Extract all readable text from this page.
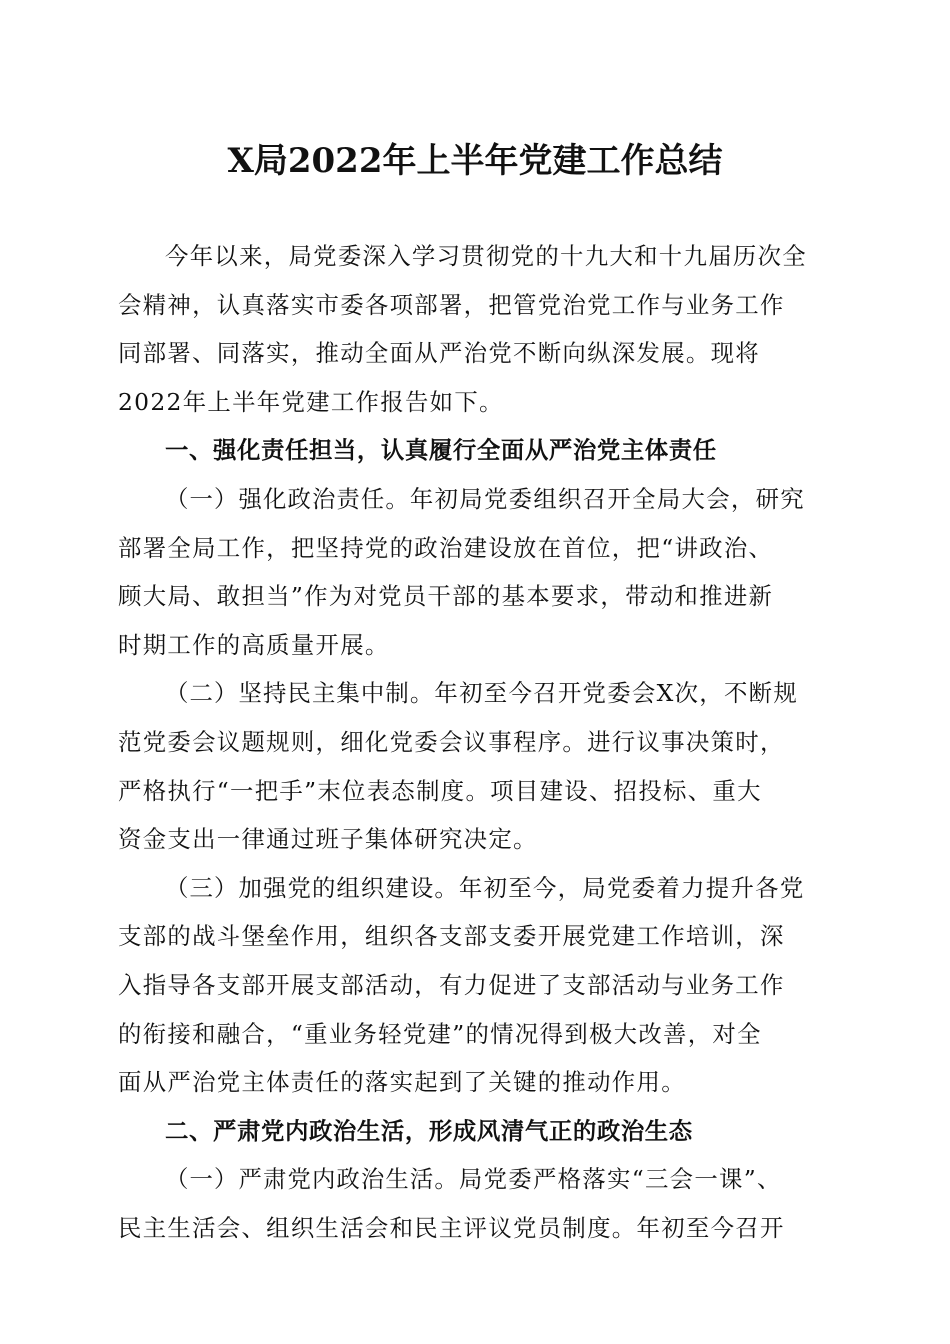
X局2022年上半年党建工作总结
今年以来，局党委深入学习贯彻党的十九大和十九届历次全
会精神，认真落实市委各项部署，把管党治党工作与业务工作
同部署、同落实，推动全面从严治党不断向纵深发展。现将
2022年上半年党建工作报告如下。
一、强化责任担当，认真履行全面从严治党主体责任
（一）强化政治责任。年初局党委组织召开全局大会，研究
部署全局工作，把坚持党的政治建设放在首位，把“讲政治、
顾大局、敢担当”作为对党员干部的基本要求，带动和推进新
时期工作的高质量开展。
（二）坚持民主集中制。年初至今召开党委会X次，不断规
范党委会议题规则，细化党委会议事程序。进行议事决策时，
严格执行“一把手”末位表态制度。项目建设、招投标、重大
资金支出一律通过班子集体研究决定。
（三）加强党的组织建设。年初至今，局党委着力提升各党
支部的战斗堡垒作用，组织各支部支委开展党建工作培训，深
入指导各支部开展支部活动，有力促进了支部活动与业务工作
的衔接和融合，“重业务轻党建”的情况得到极大改善，对全
面从严治党主体责任的落实起到了关键的推动作用。
二、严肃党内政治生活，形成风清气正的政治生态
（一）严肃党内政治生活。局党委严格落实“三会一课”、
民主生活会、组织生活会和民主评议党员制度。年初至今召开
